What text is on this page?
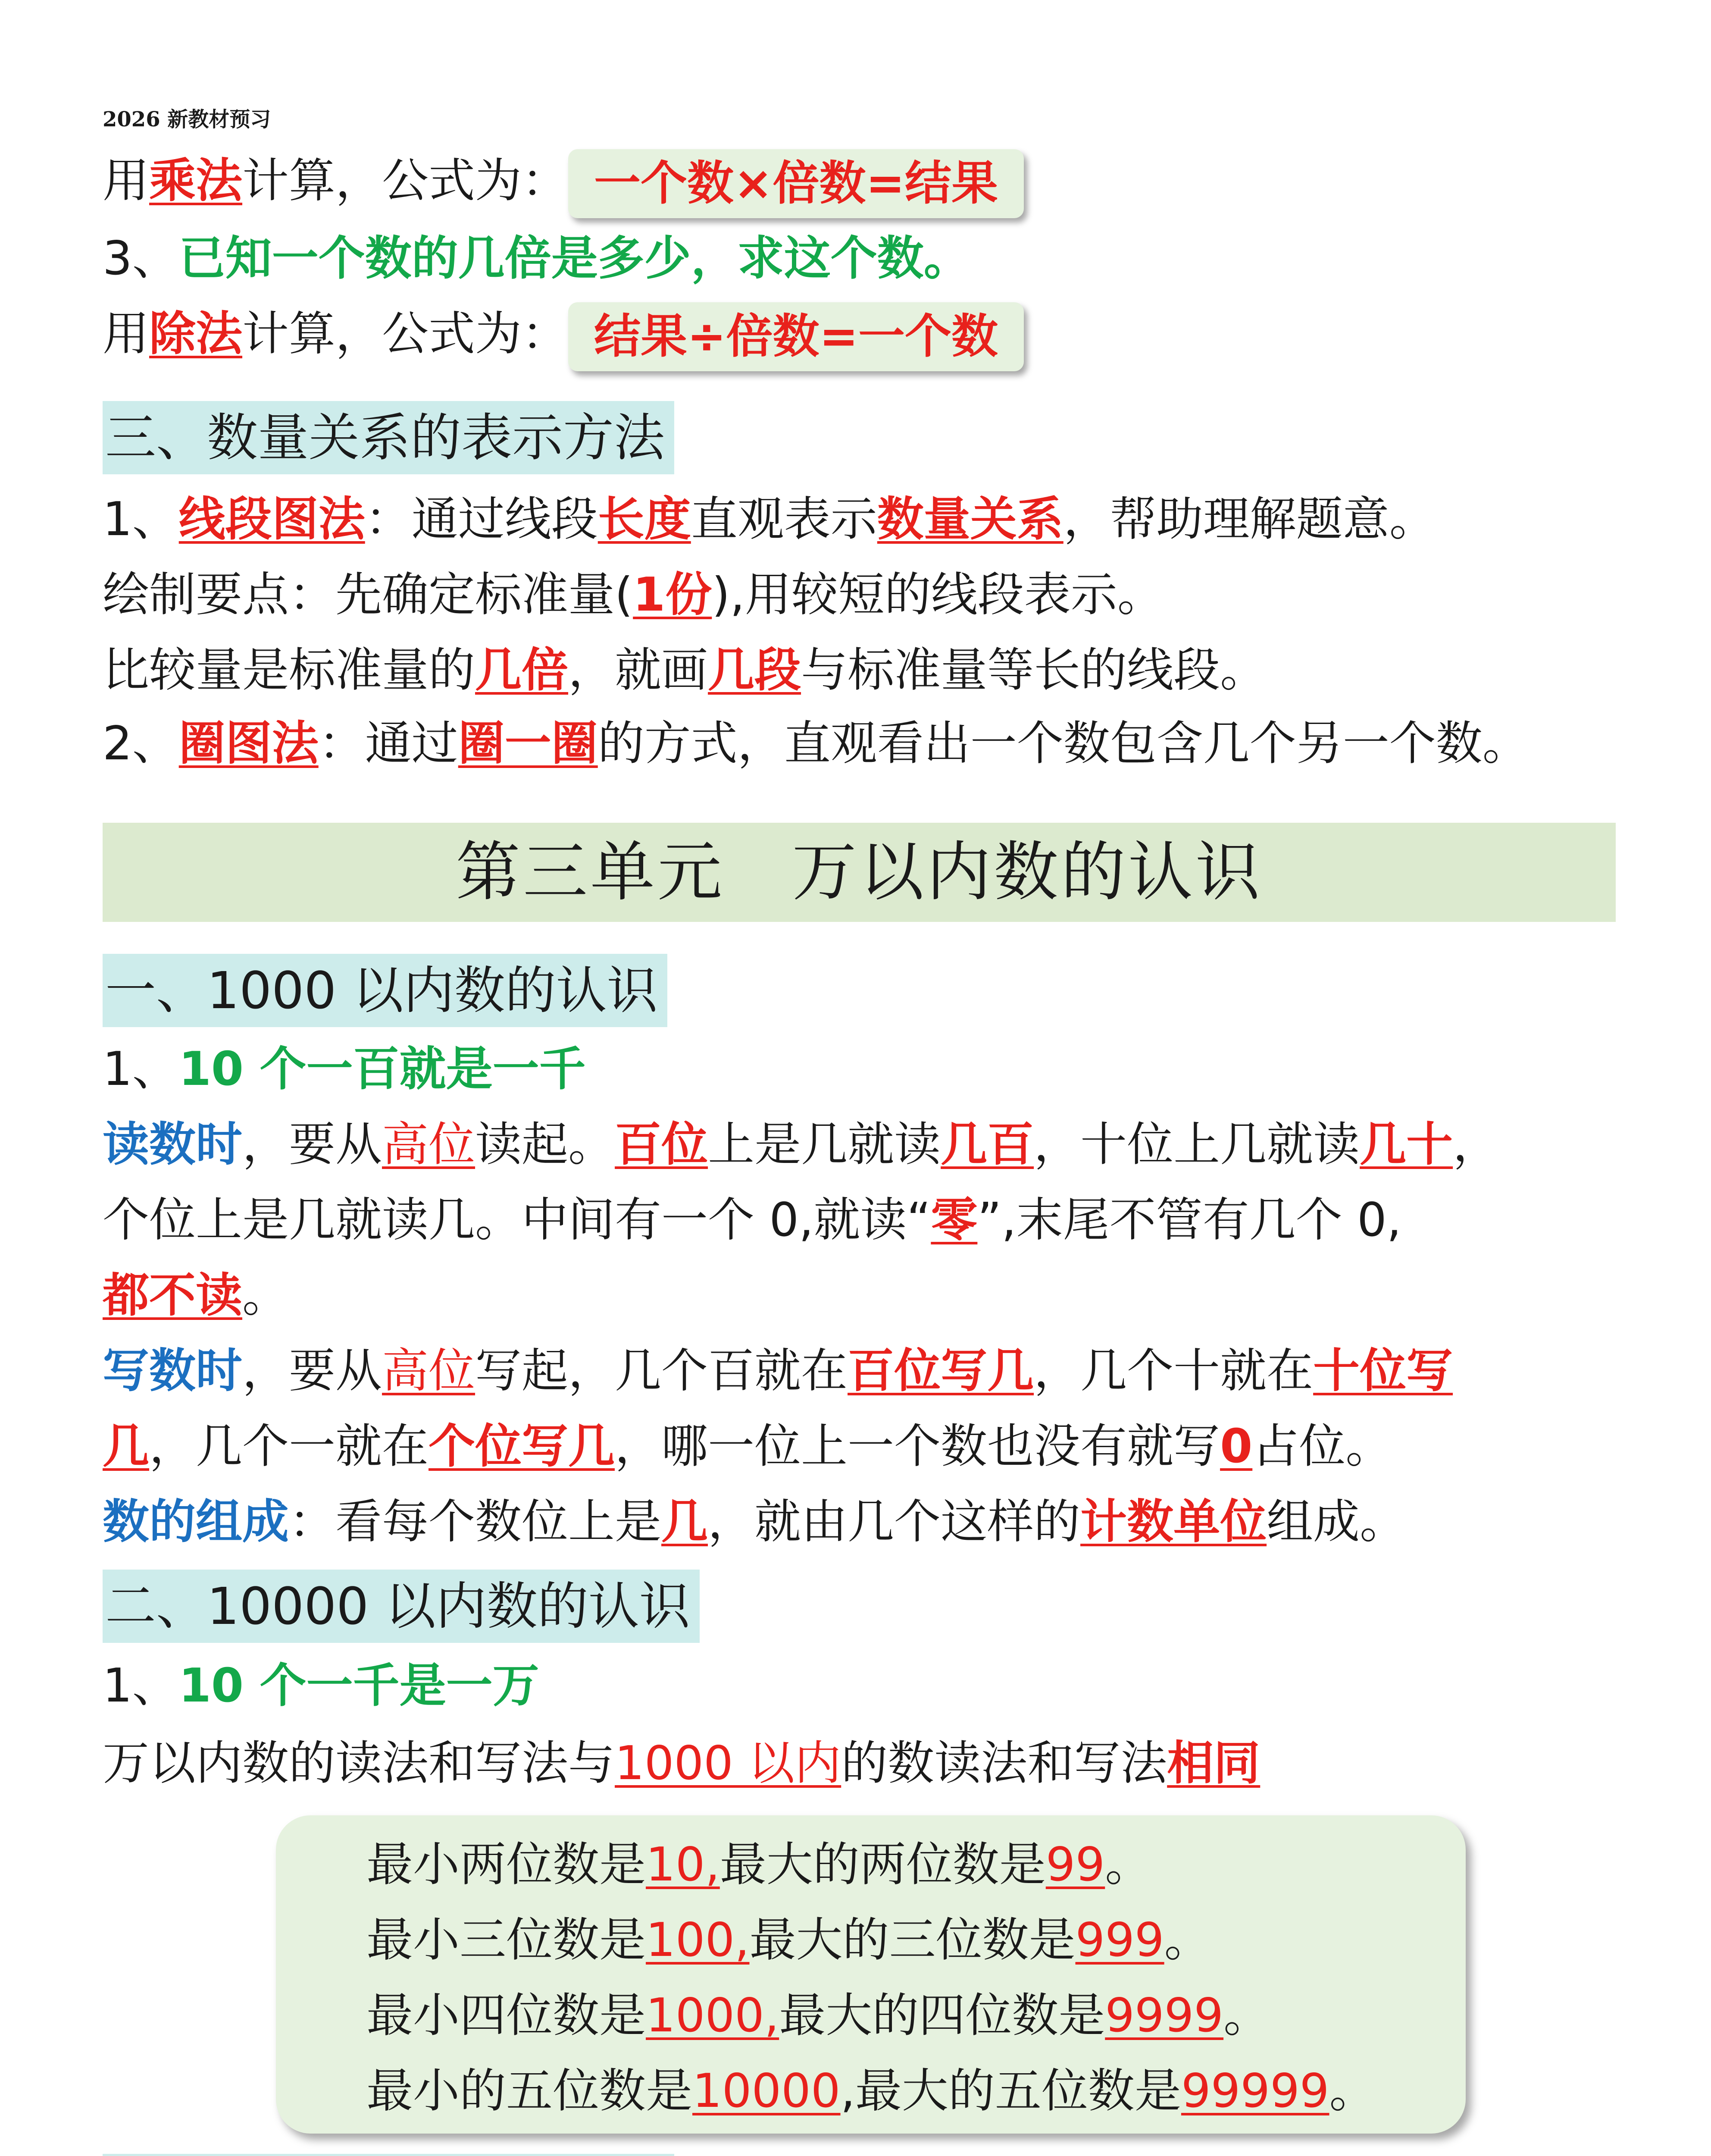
2026 新教材预习
用乘法计算，公式为： 一个数×倍数=结果
3、已知一个数的几倍是多少，求这个数。
用除法计算，公式为： 结果÷倍数=一个数
三、数量关系的表示方法
1、线段图法：通过线段长度直观表示数量关系，帮助理解题意。
绘制要点：先确定标准量(1份),用较短的线段表示。
比较量是标准量的几倍，就画几段与标准量等长的线段。
2、圈图法：通过圈一圈的方式，直观看出一个数包含几个另一个数。
第三单元　万以内数的认识
一、1000 以内数的认识
1、10 个一百就是一千
读数时，要从高位读起。百位上是几就读几百，十位上几就读几十，
个位上是几就读几。中间有一个 0,就读“零”,末尾不管有几个 0,
都不读。
写数时，要从高位写起，几个百就在百位写几，几个十就在十位写
几，几个一就在个位写几，哪一位上一个数也没有就写0占位。
数的组成：看每个数位上是几，就由几个这样的计数单位组成。
二、10000 以内数的认识
1、10 个一千是一万
万以内数的读法和写法与1000 以内的数读法和写法相同
最小两位数是10,最大的两位数是99。
最小三位数是100,最大的三位数是999。
最小四位数是1000,最大的四位数是9999。
最小的五位数是10000,最大的五位数是99999。
